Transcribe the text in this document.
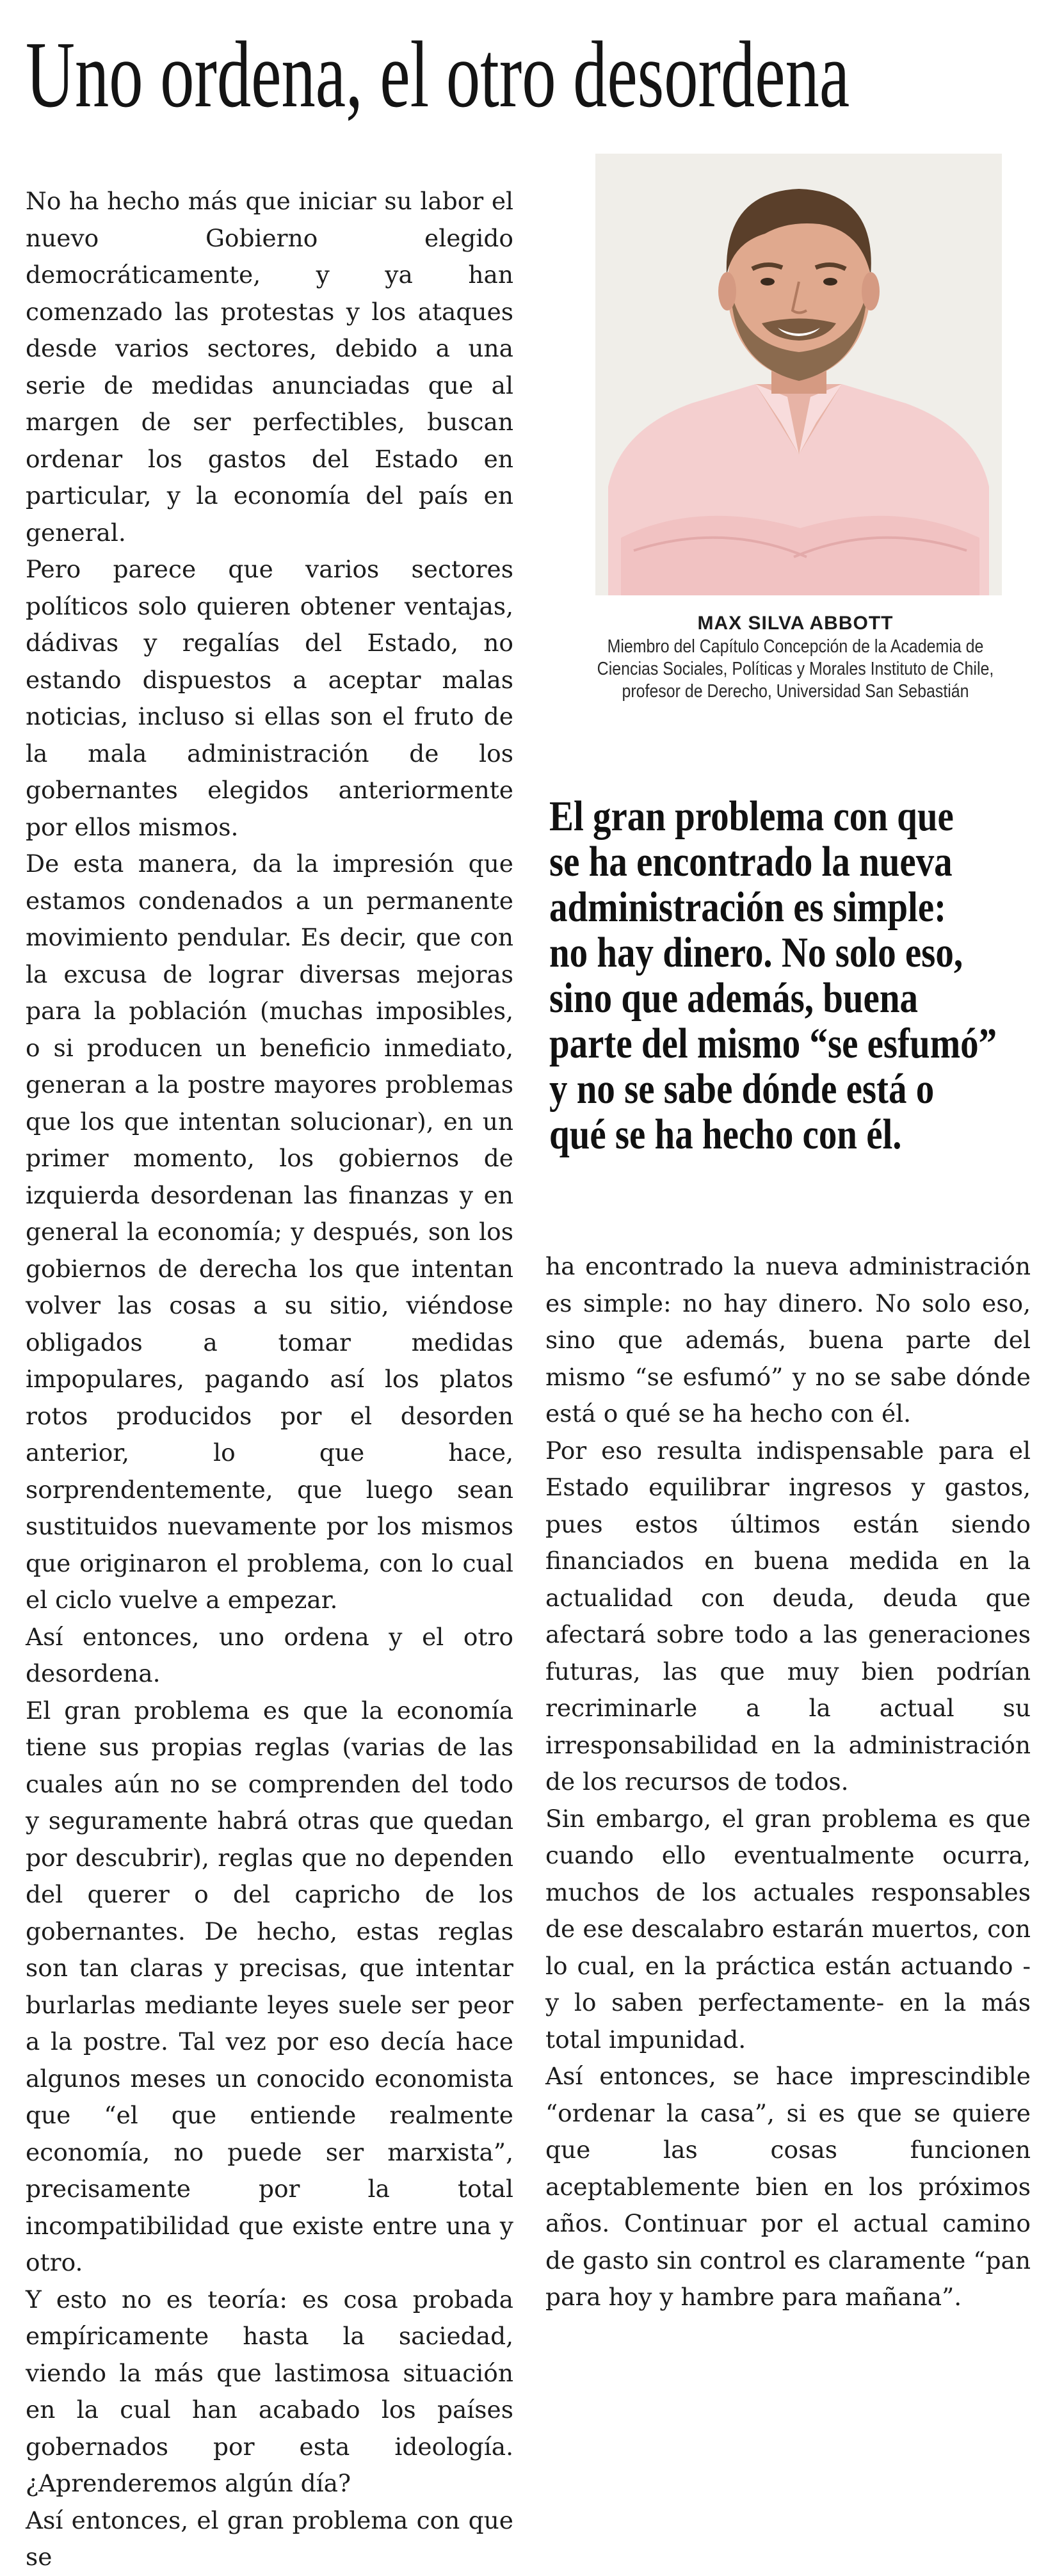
Uno ordena, el otro desordena

No ha hecho más que iniciar su labor el nuevo Gobierno elegido democráticamente, y ya han comenzado las protestas y los ataques desde varios sectores, debido a una serie de medidas anunciadas que al margen de ser perfectibles, buscan ordenar los gastos del Estado en particular, y la economía del país en general.

Pero parece que varios sectores políticos solo quieren obtener ventajas, dádivas y regalías del Estado, no estando dispuestos a aceptar malas noticias, incluso si ellas son el fruto de la mala administración de los gobernantes elegidos anteriormente por ellos mismos.

De esta manera, da la impresión que estamos condenados a un permanente movimiento pendular. Es decir, que con la excusa de lograr diversas mejoras para la población (muchas imposibles, o si producen un beneficio inmediato, generan a la postre mayores problemas que los que intentan solucionar), en un primer momento, los gobiernos de izquierda desordenan las finanzas y en general la economía; y después, son los gobiernos de derecha los que intentan volver las cosas a su sitio, viéndose obligados a tomar medidas impopulares, pagando así los platos rotos producidos por el desorden anterior, lo que hace, sorprendentemente, que luego sean sustituidos nuevamente por los mismos que originaron el problema, con lo cual el ciclo vuelve a empezar.

Así entonces, uno ordena y el otro desordena.

El gran problema es que la economía tiene sus propias reglas (varias de las cuales aún no se comprenden del todo y seguramente habrá otras que quedan por descubrir), reglas que no dependen del querer o del capricho de los gobernantes. De hecho, estas reglas son tan claras y precisas, que intentar burlarlas mediante leyes suele ser peor a la postre. Tal vez por eso decía hace algunos meses un conocido economista que “el que entiende realmente economía, no puede ser marxista”, precisamente por la total incompatibilidad que existe entre una y otro.

Y esto no es teoría: es cosa probada empíricamente hasta la saciedad, viendo la más que lastimosa situación en la cual han acabado los países gobernados por esta ideología. ¿Aprenderemos algún día?

Así entonces, el gran problema con que se

MAX SILVA ABBOTT
Miembro del Capítulo Concepción de la Academia de
Ciencias Sociales, Políticas y Morales Instituto de Chile,
profesor de Derecho, Universidad San Sebastián
El gran problema con que
se ha encontrado la nueva
administración es simple:
no hay dinero. No solo eso,
sino que además, buena
parte del mismo “se esfumó”
y no se sabe dónde está o
qué se ha hecho con él.

ha encontrado la nueva administración es simple: no hay dinero. No solo eso, sino que además, buena parte del mismo “se esfumó” y no se sabe dónde está o qué se ha hecho con él.

Por eso resulta indispensable para el Estado equilibrar ingresos y gastos, pues estos últimos están siendo financiados en buena medida en la actualidad con deuda, deuda que afectará sobre todo a las generaciones futuras, las que muy bien podrían recriminarle a la actual su irresponsabilidad en la administración de los recursos de todos.

Sin embargo, el gran problema es que cuando ello eventualmente ocurra, muchos de los actuales responsables de ese descalabro estarán muertos, con lo cual, en la práctica están actuando -y lo saben perfectamente- en la más total impunidad.

Así entonces, se hace imprescindible “ordenar la casa”, si es que se quiere que las cosas funcionen aceptablemente bien en los próximos años. Continuar por el actual camino de gasto sin control es claramente “pan para hoy y hambre para mañana”.
